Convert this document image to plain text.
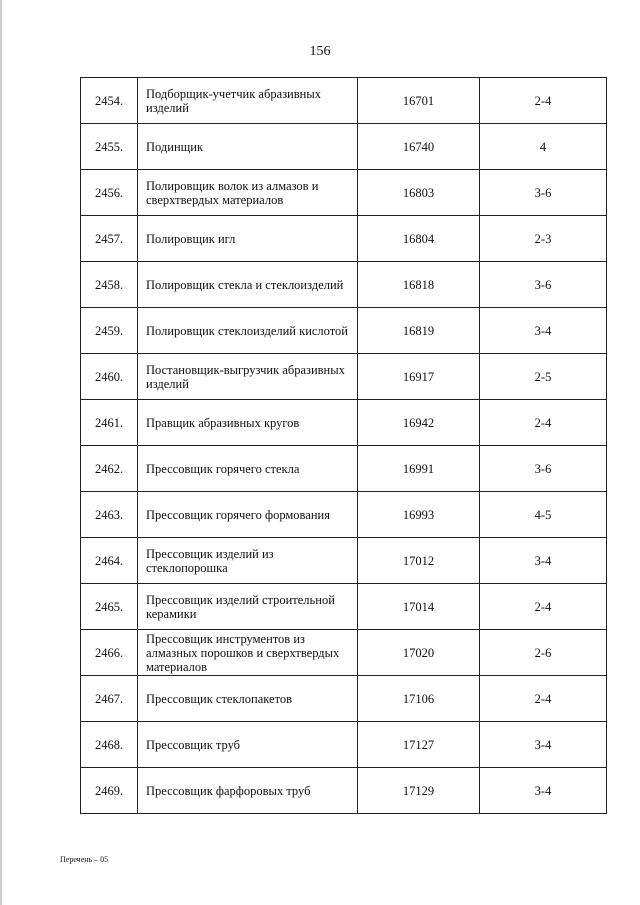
156
2454.	Подборщик-учетчик абразивных изделий	16701	2-4
2455.	Подинщик	16740	4
2456.	Полировщик волок из алмазов и сверхтвердых материалов	16803	3-6
2457.	Полировщик игл	16804	2-3
2458.	Полировщик стекла и стеклоизделий	16818	3-6
2459.	Полировщик стеклоизделий кислотой	16819	3-4
2460.	Постановщик-выгрузчик абразивных изделий	16917	2-5
2461.	Правщик абразивных кругов	16942	2-4
2462.	Прессовщик горячего стекла	16991	3-6
2463.	Прессовщик горячего формования	16993	4-5
2464.	Прессовщик изделий из стеклопорошка	17012	3-4
2465.	Прессовщик изделий строительной керамики	17014	2-4
2466.	Прессовщик инструментов из алмазных порошков и сверхтвердых материалов	17020	2-6
2467.	Прессовщик стеклопакетов	17106	2-4
2468.	Прессовщик труб	17127	3-4
2469.	Прессовщик фарфоровых труб	17129	3-4
Перечень – 05
